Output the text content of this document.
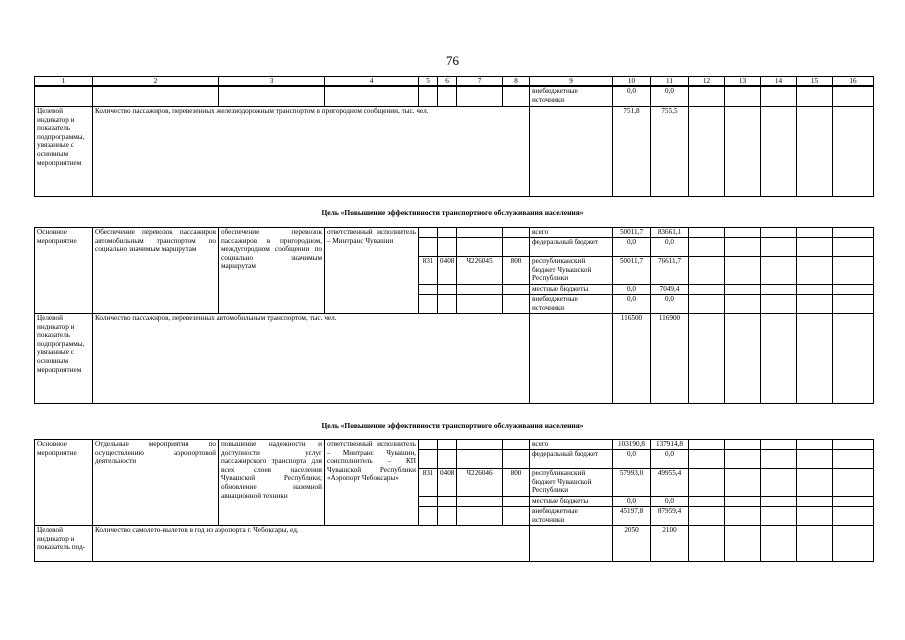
76
1	2	3	4	5	6	7	8	9	10	11	12	13	14	15	16
								внебюджетные источники	0,0	0,0					
Целевой индикатор и показатель подпрограммы, увязанные с основным мероприятием	Количество пассажиров, перевезенных железнодорожным транспортом в пригородном сообщении, тыс. чел.								751,8	755,5					
Цель «Повышение эффективности транспортного обслуживания населения»
Основное мероприятие	Обеспечение перевозок пассажиров автомобильным транспортом по социально значимым маршрутам	обеспечение перевозок пассажиров в пригородном, междугородном сообщении по социально значимым маршрутам	ответственный исполнитель – Минтранс Чувашии					всего	50011,7	83661,1					
								федеральный бюджет	0,0	0,0					
				831	0408	Ч226045	800	республиканский бюджет Чувашской Республики	50011,7	76611,7					
								местные бюджеты	0,0	7049,4					
								внебюджетные источники	0,0	0,0					
Целевой индикатор и показатель подпрограммы, увязанные с основным мероприятием	Количество пассажиров, перевезенных автомобильным транспортом, тыс. чел.								116500	116900					
Цель «Повышение эффективности транспортного обслуживания населения»
Основное мероприятие	Отдельные мероприятия по осуществлению аэропортовой деятельности	повышение надежности и доступности услуг пассажирского транспорта для всех слоев населения Чувашской Республики; обновление наземной авиационной техники	ответственный исполнитель – Минтранс Чувашии, соисполнитель – КП Чувашской Республики «Аэропорт Чебоксары»					всего	103190,8	137914,8					
								федеральный бюджет	0,0	0,0					
				831	0408	Ч226046	800	республиканский бюджет Чувашской Республики	57993,0	49955,4					
								местные бюджеты	0,0	0,0					
								внебюджетные источники	45197,8	87959,4					
Целевой индикатор и показатель под-	Количество самолето-вылетов в год из аэропорта г. Чебоксары, ед.								2050	2100					
